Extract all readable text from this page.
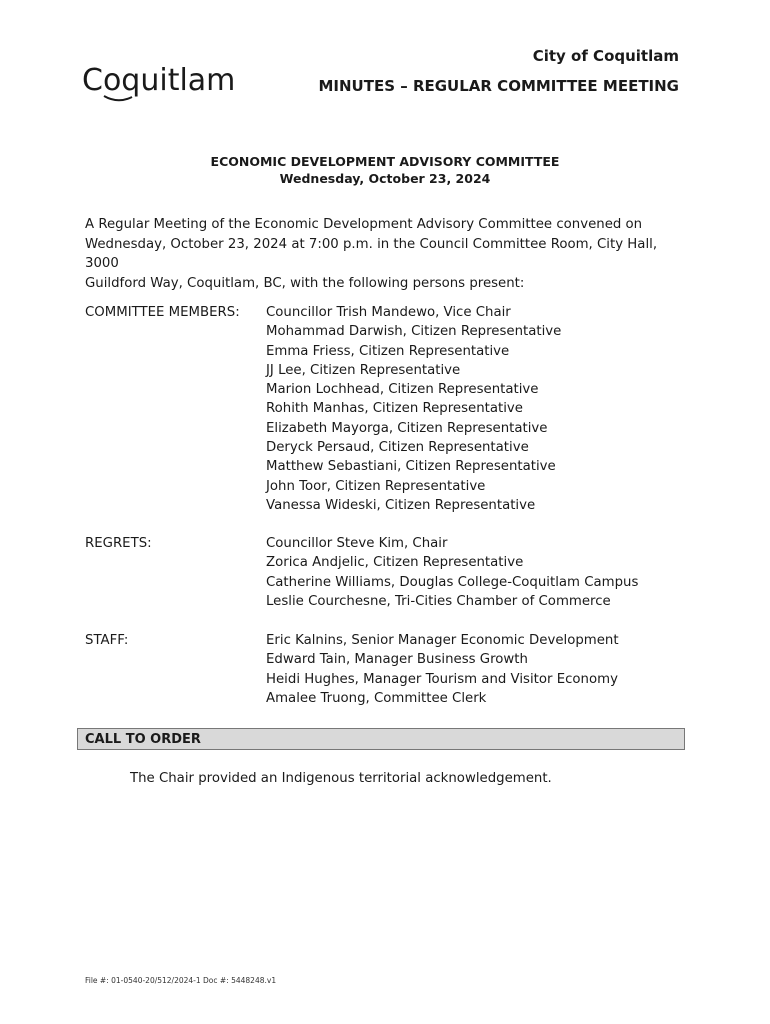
Coquitlam
City of Coquitlam
MINUTES – REGULAR COMMITTEE MEETING
ECONOMIC DEVELOPMENT ADVISORY COMMITTEE
Wednesday, October 23, 2024
A Regular Meeting of the Economic Development Advisory Committee convened on
Wednesday, October 23, 2024 at 7:00 p.m. in the Council Committee Room, City Hall, 3000
Guildford Way, Coquitlam, BC, with the following persons present:
COMMITTEE MEMBERS:	Councillor Trish Mandewo, Vice Chair
Mohammad Darwish, Citizen Representative
Emma Friess, Citizen Representative
JJ Lee, Citizen Representative
Marion Lochhead, Citizen Representative
Rohith Manhas, Citizen Representative
Elizabeth Mayorga, Citizen Representative
Deryck Persaud, Citizen Representative
Matthew Sebastiani, Citizen Representative
John Toor, Citizen Representative
Vanessa Wideski, Citizen Representative
REGRETS:	Councillor Steve Kim, Chair
Zorica Andjelic, Citizen Representative
Catherine Williams, Douglas College-Coquitlam Campus
Leslie Courchesne, Tri-Cities Chamber of Commerce
STAFF:	Eric Kalnins, Senior Manager Economic Development
Edward Tain, Manager Business Growth
Heidi Hughes, Manager Tourism and Visitor Economy
Amalee Truong, Committee Clerk
CALL TO ORDER
The Chair provided an Indigenous territorial acknowledgement.
File #: 01-0540-20/512/2024-1 Doc #: 5448248.v1
